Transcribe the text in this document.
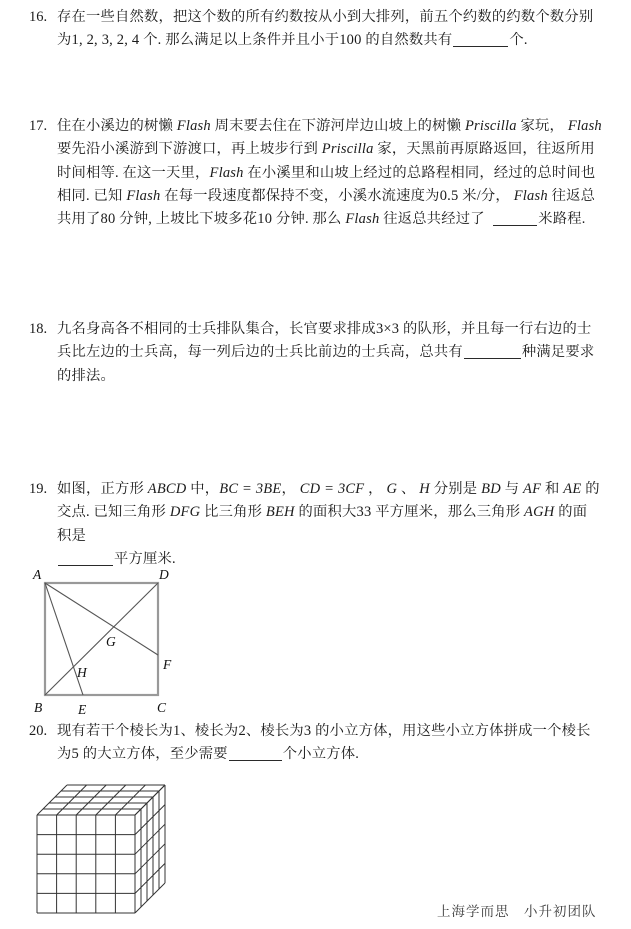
16. 存在一些自然数，把这个数的所有约数按从小到大排列，前五个约数的约数个数分别
为1, 2, 3, 2, 4 个. 那么满足以上条件并且小于100 的自然数共有	个.
17. 住在小溪边的树懒 Flash 周末要去住在下游河岸边山坡上的树懒 Priscilla 家玩， Flash
要先沿小溪游到下游渡口，再上坡步行到 Priscilla 家，天黑前再原路返回，往返所用
时间相等. 在这一天里，Flash 在小溪里和山坡上经过的总路程相同，经过的总时间也
相同. 已知 Flash 在每一段速度都保持不变，小溪水流速度为0.5 米/分， Flash 往返总
共用了80 分钟, 上坡比下坡多花10 分钟. 那么 Flash 往返总共经过了	米路程.
18. 九名身高各不相同的士兵排队集合，长官要求排成3×3 的队形，并且每一行右边的士
兵比左边的士兵高，每一列后边的士兵比前边的士兵高，总共有	种满足要求
的排法。
19. 如图，正方形 ABCD 中，BC = 3BE， CD = 3CF ， G 、 H 分别是 BD 与 AF 和 AE 的
交点. 已知三角形 DFG 比三角形 BEH 的面积大33 平方厘米，那么三角形 AGH 的面
积是
平方厘米.
20. 现有若干个棱长为1、棱长为2、棱长为3 的小立方体，用这些小立方体拼成一个棱长
为5 的大立方体，至少需要	个小立方体.
A	D
B	C
E
F
G
H
上海学而思　小升初团队
